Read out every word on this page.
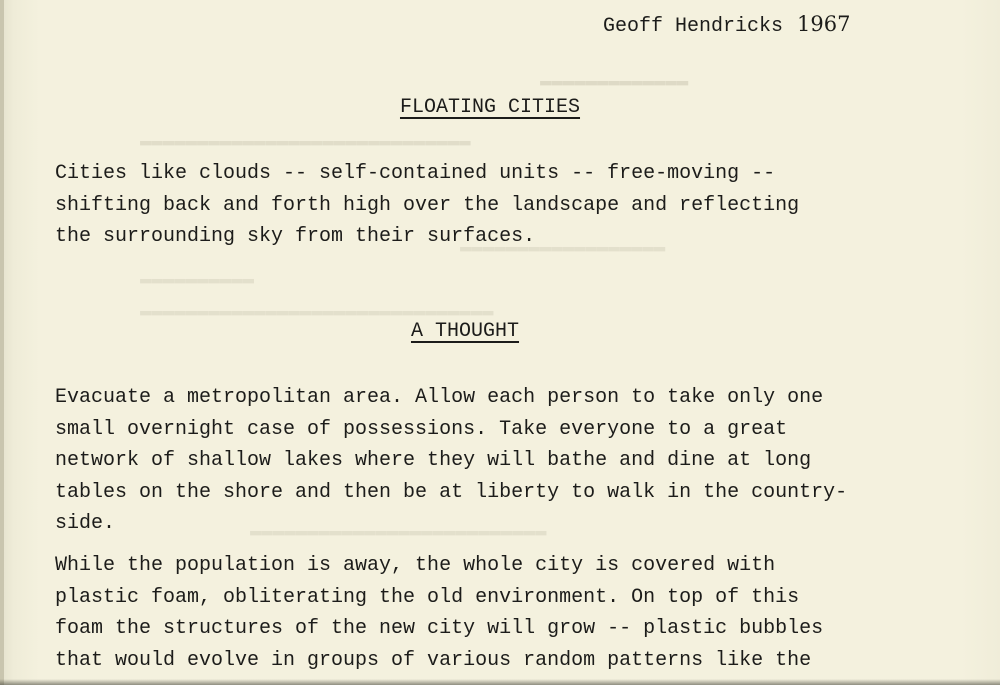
▬▬▬▬▬▬▬▬▬▬▬▬▬
▬▬▬▬▬▬▬▬▬▬▬▬▬▬▬▬▬▬▬▬▬▬▬▬▬▬▬▬▬
▬▬▬▬▬▬▬▬▬▬▬▬▬▬▬▬▬▬
▬▬▬▬▬▬▬▬▬▬
▬▬▬▬▬▬▬▬▬▬▬▬▬▬▬▬▬▬▬▬▬▬▬▬▬▬▬▬▬▬▬
▬▬▬▬▬▬▬▬▬▬▬▬▬▬▬▬▬▬▬▬▬▬▬▬▬▬
Geoff Hendricks 1967
FLOATING CITIES
Cities like clouds -- self-contained units -- free-moving --
shifting back and forth high over the landscape and reflecting
the surrounding sky from their surfaces.
A THOUGHT
Evacuate a metropolitan area. Allow each person to take only one
small overnight case of possessions. Take everyone to a great
network of shallow lakes where they will bathe and dine at long
tables on the shore and then be at liberty to walk in the country-
side.
While the population is away, the whole city is covered with
plastic foam, obliterating the old environment. On top of this
foam the structures of the new city will grow -- plastic bubbles
that would evolve in groups of various random patterns like the
